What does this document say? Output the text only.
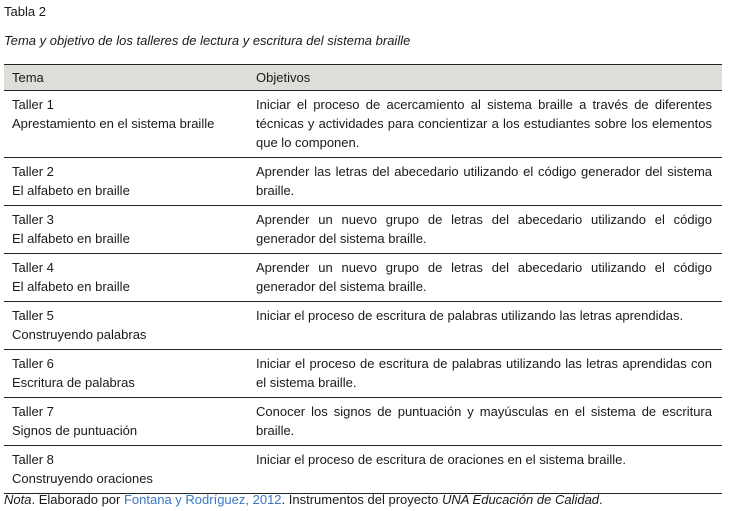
Tabla 2
Tema y objetivo de los talleres de lectura y escritura del sistema braille
Tema	Objetivos

Taller 1
Aprestamiento en el sistema braille	Iniciar el proceso de acercamiento al sistema braille a través de diferentes técnicas y actividades para concientizar a los estudiantes sobre los elementos que lo componen.

Taller 2
El alfabeto en braille	Aprender las letras del abecedario utilizando el código generador del sistema braille.

Taller 3
El alfabeto en braille	Aprender un nuevo grupo de letras del abecedario utilizando el código generador del sistema braille.

Taller 4
El alfabeto en braille	Aprender un nuevo grupo de letras del abecedario utilizando el código generador del sistema braille.

Taller 5
Construyendo palabras	Iniciar el proceso de escritura de palabras utilizando las letras aprendidas.

Taller 6
Escritura de palabras	Iniciar el proceso de escritura de palabras utilizando las letras aprendidas con el sistema braille.

Taller 7
Signos de puntuación	Conocer los signos de puntuación y mayúsculas en el sistema de escritura braille.

Taller 8
Construyendo oraciones	Iniciar el proceso de escritura de oraciones en el sistema braille.
Nota. Elaborado por Fontana y Rodríguez, 2012. Instrumentos del proyecto UNA Educación de Calidad.
